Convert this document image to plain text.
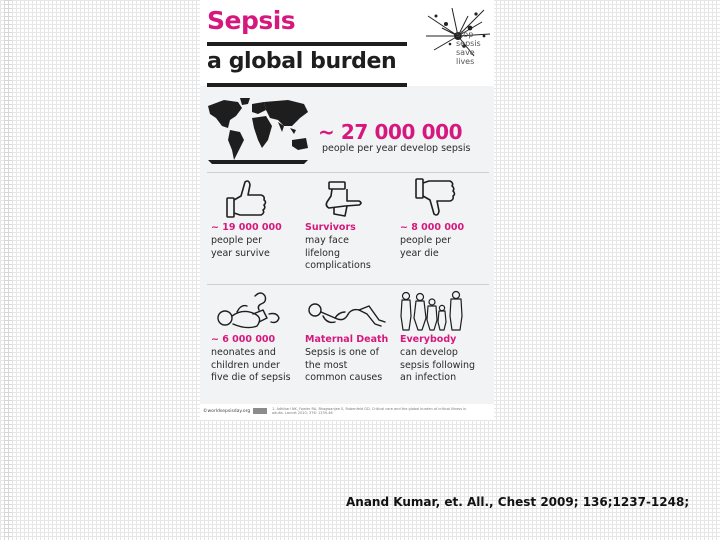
Sepsis
a global burden
stop
sepsis
save
lives
~ 27 000 000
people per year develop sepsis
~ 19 000 000
people per
year survive
Survivors
may face
lifelong
complications
~ 8 000 000
people per
year die
~ 6 000 000
neonates and
children under
five die of sepsis
Maternal Death
Sepsis is one of
the most
common causes
Everybody
can develop
sepsis following
an infection
©worldsepsisday.org	1. Adhikari NK, Fowler RA, Bhagwanjee S, Rubenfeld GD. Critical care and the global burden of critical illness in adults. Lancet 2010; 376: 1339-46
Anand Kumar, et. All., Chest 2009; 136;1237-1248;
